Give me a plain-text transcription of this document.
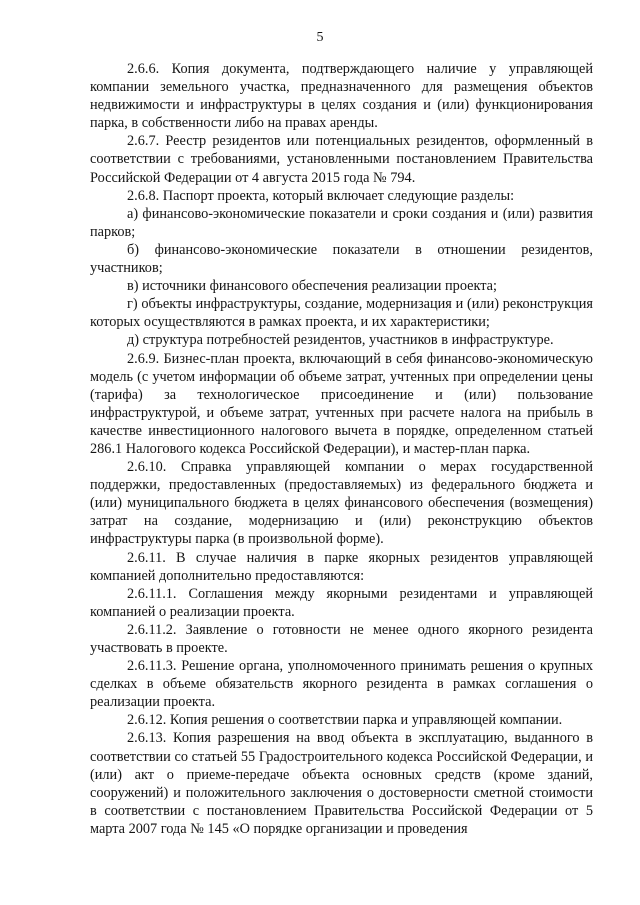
5

2.6.6. Копия документа, подтверждающего наличие у управляющей компании земельного участка, предназначенного для размещения объектов недвижимости и инфраструктуры в целях создания и (или) функционирования парка, в собственности либо на правах аренды.

2.6.7. Реестр резидентов или потенциальных резидентов, оформленный в соответствии с требованиями, установленными постановлением Правительства Российской Федерации от 4 августа 2015 года № 794.

2.6.8. Паспорт проекта, который включает следующие разделы:

а) финансово-экономические показатели и сроки создания и (или) развития парков;

б) финансово-экономические показатели в отношении резидентов, участников;

в) источники финансового обеспечения реализации проекта;

г) объекты инфраструктуры, создание, модернизация и (или) реконструкция которых осуществляются в рамках проекта, и их характеристики;

д) структура потребностей резидентов, участников в инфраструктуре.

2.6.9. Бизнес-план проекта, включающий в себя финансово-экономическую модель (с учетом информации об объеме затрат, учтенных при определении цены (тарифа) за технологическое присоединение и (или) пользование инфраструктурой, и объеме затрат, учтенных при расчете налога на прибыль в качестве инвестиционного налогового вычета в порядке, определенном статьей 286.1 Налогового кодекса Российской Федерации), и мастер-план парка.

2.6.10. Справка управляющей компании о мерах государственной поддержки, предоставленных (предоставляемых) из федерального бюджета и (или) муниципального бюджета в целях финансового обеспечения (возмещения) затрат на создание, модернизацию и (или) реконструкцию объектов инфраструктуры парка (в произвольной форме).

2.6.11. В случае наличия в парке якорных резидентов управляющей компанией дополнительно предоставляются:

2.6.11.1. Соглашения между якорными резидентами и управляющей компанией о реализации проекта.

2.6.11.2. Заявление о готовности не менее одного якорного резидента участвовать в проекте.

2.6.11.3. Решение органа, уполномоченного принимать решения о крупных сделках в объеме обязательств якорного резидента в рамках соглашения о реализации проекта.

2.6.12. Копия решения о соответствии парка и управляющей компании.

2.6.13. Копия разрешения на ввод объекта в эксплуатацию, выданного в соответствии со статьей 55 Градостроительного кодекса Российской Федерации, и (или) акт о приеме-передаче объекта основных средств (кроме зданий, сооружений) и положительного заключения о достоверности сметной стоимости в соответствии с постановлением Правительства Российской Федерации от 5 марта 2007 года № 145 «О порядке организации и проведения
